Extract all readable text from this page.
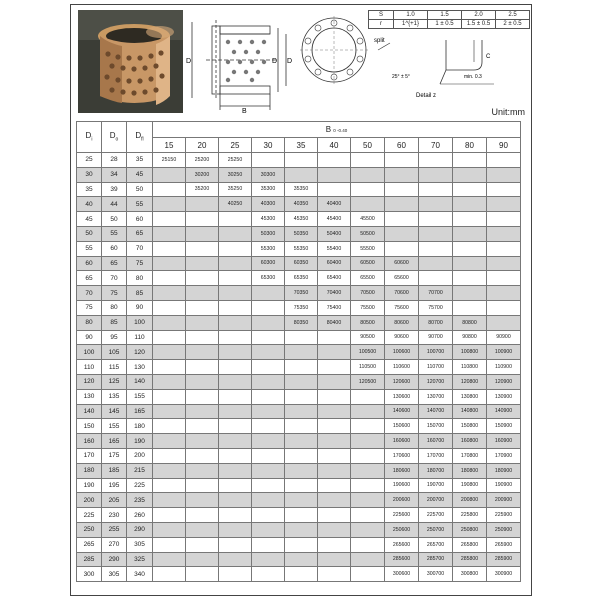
D	D D
B
S	1.0	1.5	2.0	2.5
r	1^{+1}	1 ± 0.5	1.5 ± 0.5	2 ± 0.5
split
C
min. 0.3
25° ± 5°
Detail z
Unit:mm
$D_i$	$D_o$	$D_{fl}$	B 0 -0.40										
			15	20	25	30	35	40	50	60	70	80	90
25	28	35	25150	25200	25250								
30	34	45		30200	30250	30300							
35	39	50		35200	35250	35300	35350						
40	44	55			40250	40300	40350	40400					
45	50	60				45300	45350	45400	45500				
50	55	65				50300	50350	50400	50500				
55	60	70				55300	55350	55400	55500				
60	65	75				60300	60350	60400	60500	60600			
65	70	80				65300	65350	65400	65500	65600			
70	75	85					70350	70400	70500	70600	70700		
75	80	90					75350	75400	75500	75600	75700		
80	85	100					80350	80400	80500	80600	80700	80800	
90	95	110							90500	90600	90700	90800	90900
100	105	120							100500	100600	100700	100800	100900
110	115	130							110500	110600	110700	110800	110900
120	125	140							120500	120600	120700	120800	120900
130	135	155								130600	130700	130800	130900
140	145	165								140600	140700	140800	140900
150	155	180								150600	150700	150800	150900
160	165	190								160600	160700	160800	160900
170	175	200								170600	170700	170800	170900
180	185	215								180600	180700	180800	180900
190	195	225								190600	190700	190800	190900
200	205	235								200600	200700	200800	200900
225	230	260								225600	225700	225800	225900
250	255	290								250600	250700	250800	250900
265	270	305								265600	265700	265800	265900
285	290	325								285600	285700	285800	285900
300	305	340								300600	300700	300800	300900
